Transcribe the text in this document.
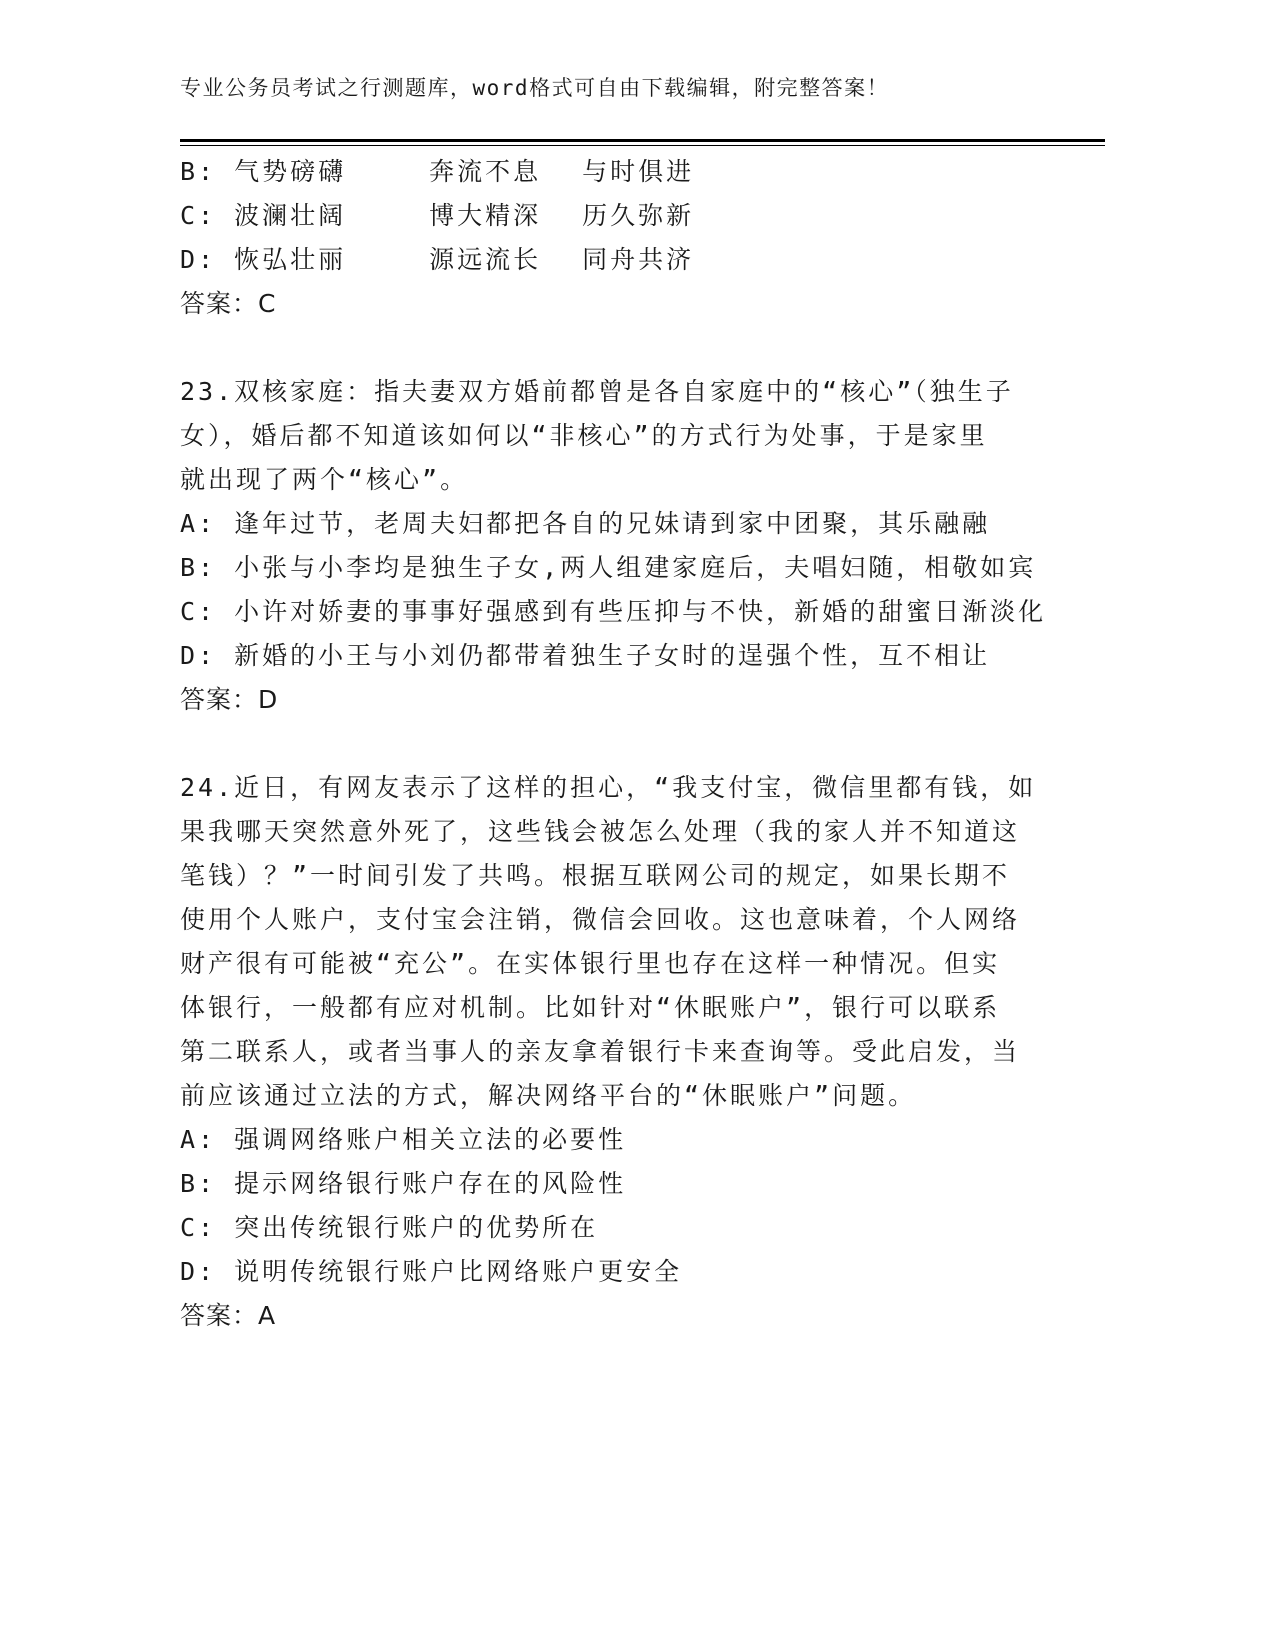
专业公务员考试之行测题库，word格式可自由下载编辑，附完整答案！
B: 气势磅礴	奔流不息 与时俱进
C: 波澜壮阔	博大精深 历久弥新
D: 恢弘壮丽	源远流长 同舟共济
答案：C
23.双核家庭：指夫妻双方婚前都曾是各自家庭中的“核心”（独生子
女），婚后都不知道该如何以“非核心”的方式行为处事，于是家里
就出现了两个“核心”。
A: 逢年过节，老周夫妇都把各自的兄妹请到家中团聚，其乐融融
B: 小张与小李均是独生子女,两人组建家庭后，夫唱妇随，相敬如宾
C: 小许对娇妻的事事好强感到有些压抑与不快，新婚的甜蜜日渐淡化
D: 新婚的小王与小刘仍都带着独生子女时的逞强个性，互不相让
答案：D
24.近日，有网友表示了这样的担心，“我支付宝，微信里都有钱，如
果我哪天突然意外死了，这些钱会被怎么处理（我的家人并不知道这
笔钱）？”一时间引发了共鸣。根据互联网公司的规定，如果长期不
使用个人账户，支付宝会注销，微信会回收。这也意味着，个人网络
财产很有可能被“充公”。在实体银行里也存在这样一种情况。但实
体银行，一般都有应对机制。比如针对“休眠账户”，银行可以联系
第二联系人，或者当事人的亲友拿着银行卡来查询等。受此启发，当
前应该通过立法的方式，解决网络平台的“休眠账户”问题。
A: 强调网络账户相关立法的必要性
B: 提示网络银行账户存在的风险性
C: 突出传统银行账户的优势所在
D: 说明传统银行账户比网络账户更安全
答案：A
